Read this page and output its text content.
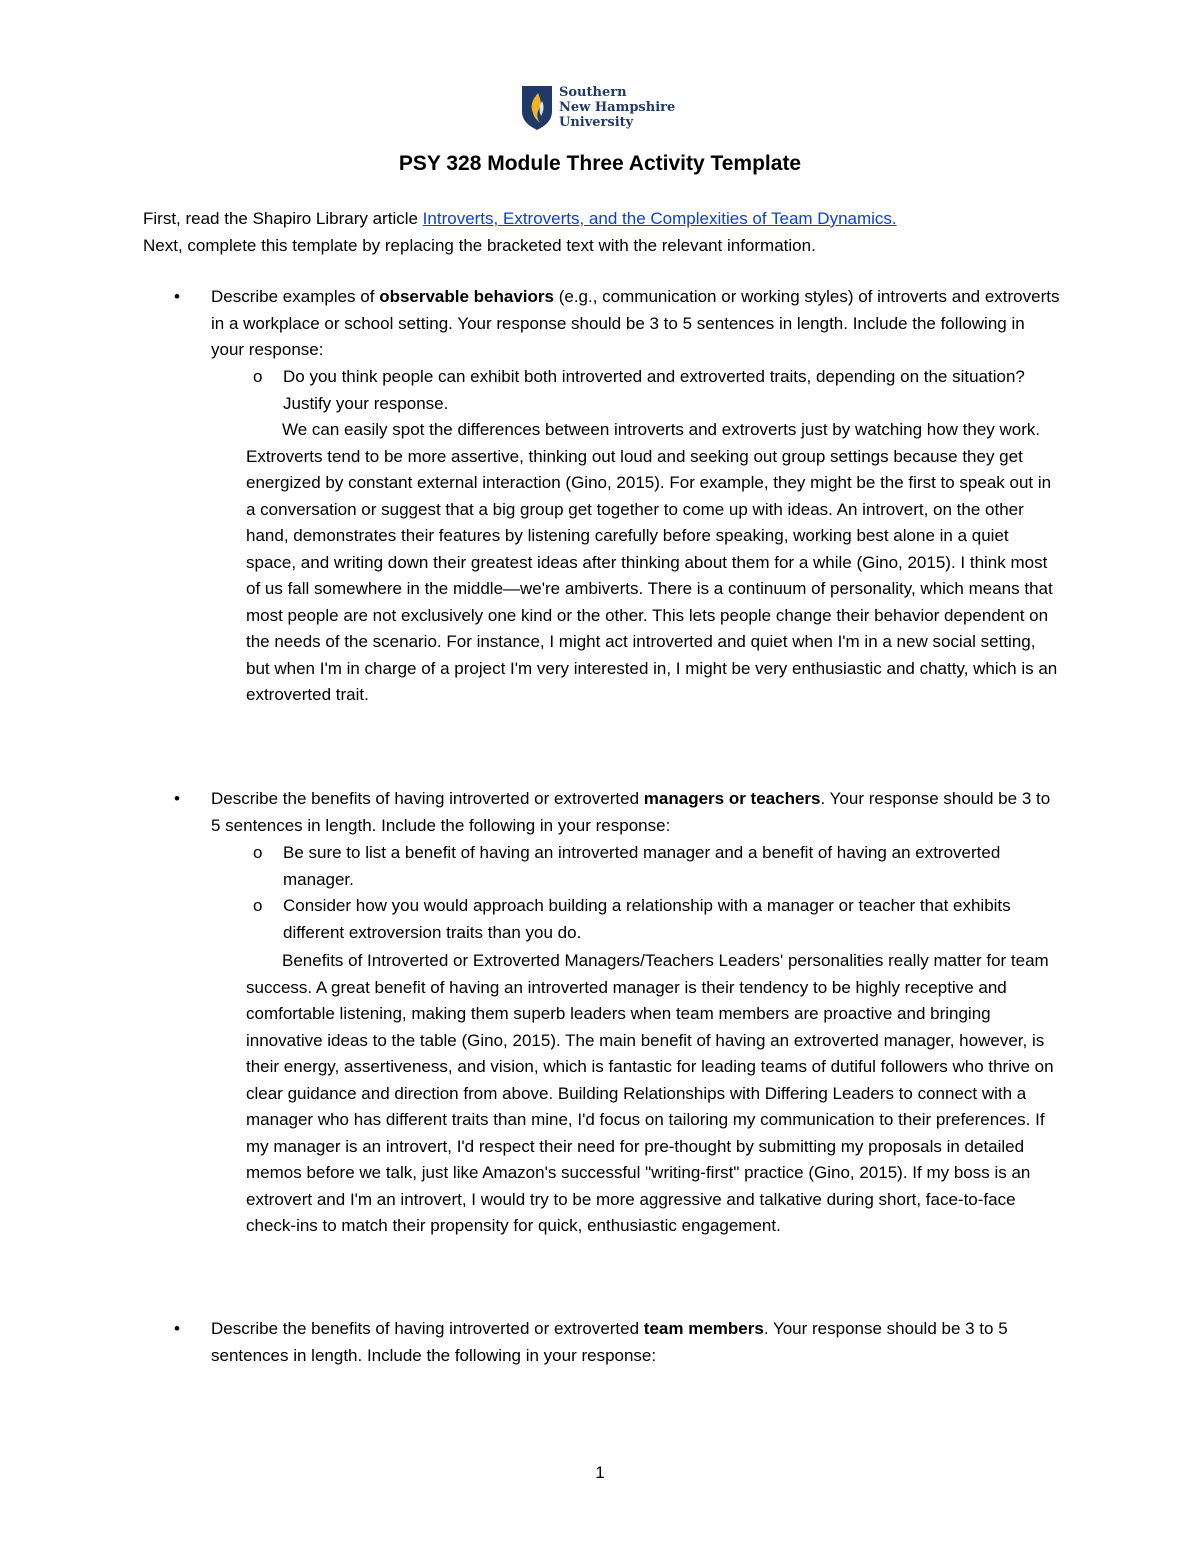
Southern
New Hampshire
University
PSY 328 Module Three Activity Template
First, read the Shapiro Library article Introverts, Extroverts, and the Complexities of Team Dynamics.
Next, complete this template by replacing the bracketed text with the relevant information.
•	Describe examples of observable behaviors (e.g., communication or working styles) of introverts and extroverts in a workplace or school setting. Your response should be 3 to 5 sentences in length. Include the following in your response:
o	Do you think people can exhibit both introverted and extroverted traits, depending on the situation? Justify your response.
We can easily spot the differences between introverts and extroverts just by watching how they work. Extroverts tend to be more assertive, thinking out loud and seeking out group settings because they get energized by constant external interaction (Gino, 2015). For example, they might be the first to speak out in a conversation or suggest that a big group get together to come up with ideas. An introvert, on the other hand, demonstrates their features by listening carefully before speaking, working best alone in a quiet space, and writing down their greatest ideas after thinking about them for a while (Gino, 2015). I think most of us fall somewhere in the middle—we're ambiverts. There is a continuum of personality, which means that most people are not exclusively one kind or the other. This lets people change their behavior dependent on the needs of the scenario. For instance, I might act introverted and quiet when I'm in a new social setting, but when I'm in charge of a project I'm very interested in, I might be very enthusiastic and chatty, which is an extroverted trait.
•	Describe the benefits of having introverted or extroverted managers or teachers. Your response should be 3 to 5 sentences in length. Include the following in your response:
o	Be sure to list a benefit of having an introverted manager and a benefit of having an extroverted manager.
o	Consider how you would approach building a relationship with a manager or teacher that exhibits different extroversion traits than you do.
Benefits of Introverted or Extroverted Managers/Teachers Leaders' personalities really matter for team success. A great benefit of having an introverted manager is their tendency to be highly receptive and comfortable listening, making them superb leaders when team members are proactive and bringing innovative ideas to the table (Gino, 2015). The main benefit of having an extroverted manager, however, is their energy, assertiveness, and vision, which is fantastic for leading teams of dutiful followers who thrive on clear guidance and direction from above. Building Relationships with Differing Leaders to connect with a manager who has different traits than mine, I'd focus on tailoring my communication to their preferences. If my manager is an introvert, I'd respect their need for pre-thought by submitting my proposals in detailed memos before we talk, just like Amazon's successful "writing-first" practice (Gino, 2015). If my boss is an extrovert and I'm an introvert, I would try to be more aggressive and talkative during short, face-to-face check-ins to match their propensity for quick, enthusiastic engagement.
•	Describe the benefits of having introverted or extroverted team members. Your response should be 3 to 5 sentences in length. Include the following in your response:
1
